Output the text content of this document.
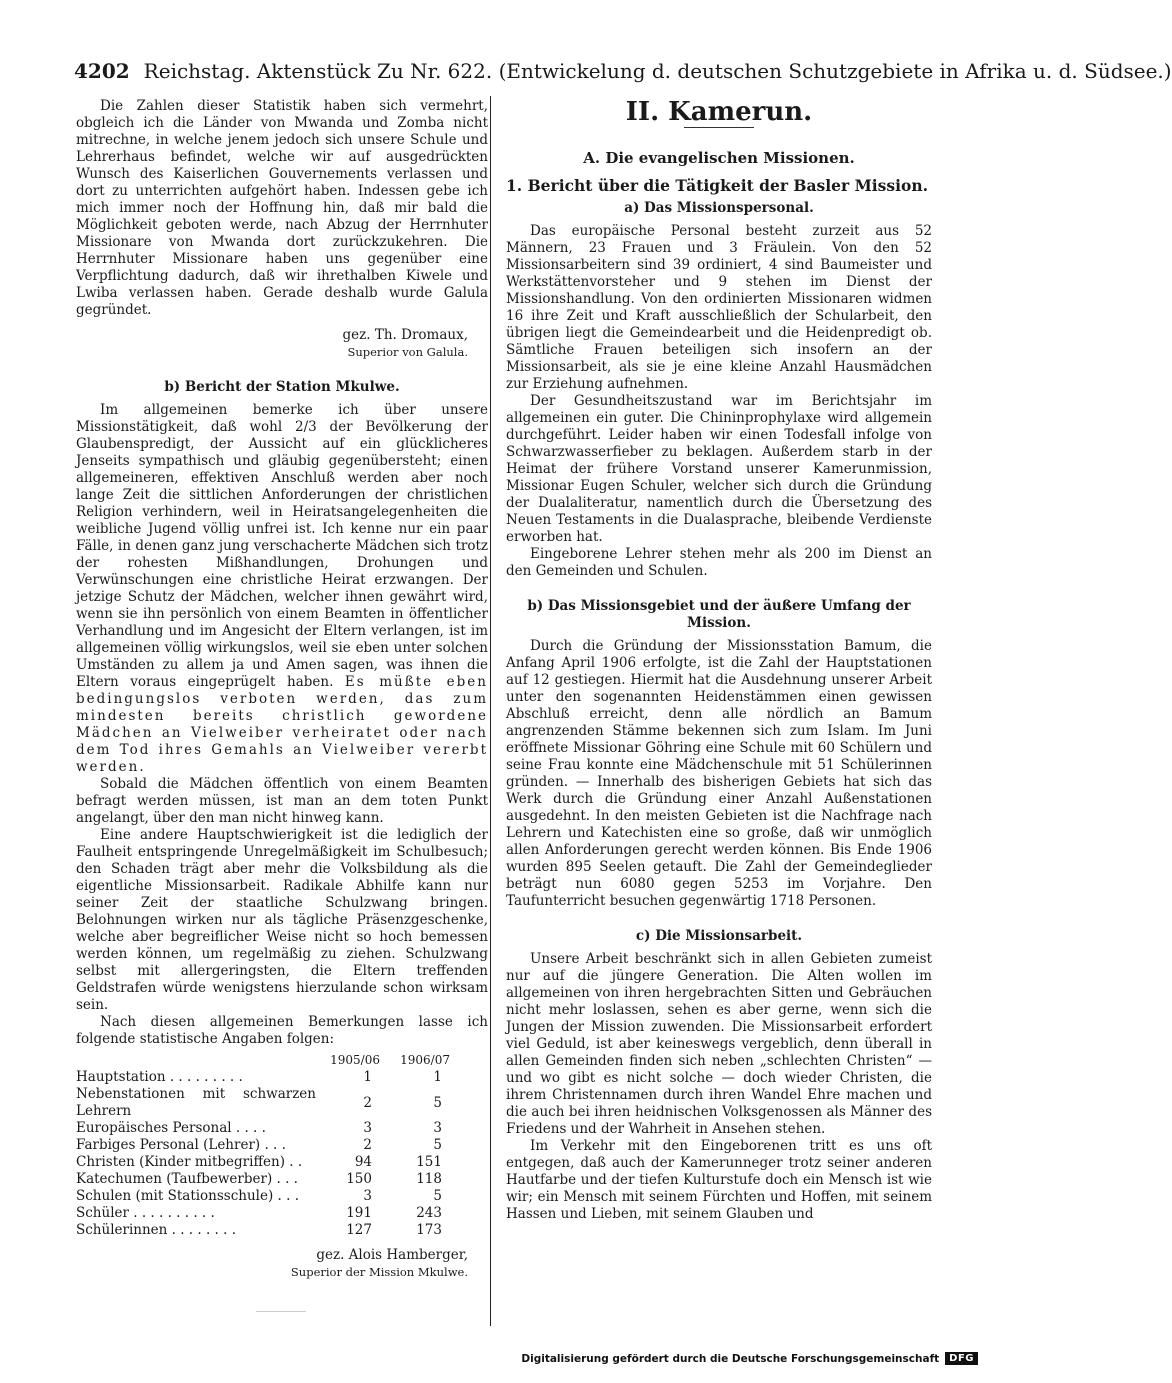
4202 Reichstag. Aktenstück Zu Nr. 622. (Entwickelung d. deutschen Schutzgebiete in Afrika u. d. Südsee.)

Die Zahlen dieser Statistik haben sich vermehrt, obgleich ich die Länder von Mwanda und Zomba nicht mitrechne, in welche jenem jedoch sich unsere Schule und Lehrerhaus befindet, welche wir auf ausgedrückten Wunsch des Kaiserlichen Gouvernements verlassen und dort zu unterrichten aufgehört haben. Indessen gebe ich mich immer noch der Hoffnung hin, daß mir bald die Möglichkeit geboten werde, nach Abzug der Herrnhuter Missionare von Mwanda dort zurückzukehren. Die Herrnhuter Missionare haben uns gegenüber eine Verpflichtung dadurch, daß wir ihrethalben Kiwele und Lwiba verlassen haben. Gerade deshalb wurde Galula gegründet.

gez. Th. Dromaux,

Superior von Galula.

b) Bericht der Station Mkulwe.

Im allgemeinen bemerke ich über unsere Missionstätigkeit, daß wohl 2/3 der Bevölkerung der Glaubenspredigt, der Aussicht auf ein glücklicheres Jenseits sympathisch und gläubig gegenübersteht; einen allgemeineren, effektiven Anschluß werden aber noch lange Zeit die sittlichen Anforderungen der christlichen Religion verhindern, weil in Heiratsangelegenheiten die weibliche Jugend völlig unfrei ist. Ich kenne nur ein paar Fälle, in denen ganz jung verschacherte Mädchen sich trotz der rohesten Mißhandlungen, Drohungen und Verwünschungen eine christliche Heirat erzwangen. Der jetzige Schutz der Mädchen, welcher ihnen gewährt wird, wenn sie ihn persönlich von einem Beamten in öffentlicher Verhandlung und im Angesicht der Eltern verlangen, ist im allgemeinen völlig wirkungslos, weil sie eben unter solchen Umständen zu allem ja und Amen sagen, was ihnen die Eltern voraus eingeprügelt haben. Es müßte eben bedingungslos verboten werden, das zum mindesten bereits christlich gewordene Mädchen an Vielweiber verheiratet oder nach dem Tod ihres Gemahls an Vielweiber vererbt werden.

Sobald die Mädchen öffentlich von einem Beamten befragt werden müssen, ist man an dem toten Punkt angelangt, über den man nicht hinweg kann.

Eine andere Hauptschwierigkeit ist die lediglich der Faulheit entspringende Unregelmäßigkeit im Schulbesuch; den Schaden trägt aber mehr die Volksbildung als die eigentliche Missionsarbeit. Radikale Abhilfe kann nur seiner Zeit der staatliche Schulzwang bringen. Belohnungen wirken nur als tägliche Präsenzgeschenke, welche aber begreiflicher Weise nicht so hoch bemessen werden können, um regelmäßig zu ziehen. Schulzwang selbst mit allergeringsten, die Eltern treffenden Geldstrafen würde wenigstens hierzulande schon wirksam sein.

Nach diesen allgemeinen Bemerkungen lasse ich folgende statistische Angaben folgen:

	1905/06	1906/07
Hauptstation . . . . . . . . .	1	1
Nebenstationen mit schwarzen Lehrern	2	5
Europäisches Personal . . . .	3	3
Farbiges Personal (Lehrer) . . .	2	5
Christen (Kinder mitbegriffen) . .	94	151
Katechumen (Taufbewerber) . . .	150	118
Schulen (mit Stationsschule) . . .	3	5
Schüler . . . . . . . . . .	191	243
Schülerinnen . . . . . . . .	127	173

gez. Alois Hamberger,

Superior der Mission Mkulwe.

II. Kamerun.
A. Die evangelischen Missionen.
1. Bericht über die Tätigkeit der Basler Mission.

a) Das Missionspersonal.

Das europäische Personal besteht zurzeit aus 52 Männern, 23 Frauen und 3 Fräulein. Von den 52 Missionsarbeitern sind 39 ordiniert, 4 sind Baumeister und Werkstättenvorsteher und 9 stehen im Dienst der Missionshandlung. Von den ordinierten Missionaren widmen 16 ihre Zeit und Kraft ausschließlich der Schularbeit, den übrigen liegt die Gemeindearbeit und die Heidenpredigt ob. Sämtliche Frauen beteiligen sich insofern an der Missionsarbeit, als sie je eine kleine Anzahl Hausmädchen zur Erziehung aufnehmen.

Der Gesundheitszustand war im Berichtsjahr im allgemeinen ein guter. Die Chininprophylaxe wird allgemein durchgeführt. Leider haben wir einen Todesfall infolge von Schwarzwasserfieber zu beklagen. Außerdem starb in der Heimat der frühere Vorstand unserer Kamerunmission, Missionar Eugen Schuler, welcher sich durch die Gründung der Dualaliteratur, namentlich durch die Übersetzung des Neuen Testaments in die Dualasprache, bleibende Verdienste erworben hat.

Eingeborene Lehrer stehen mehr als 200 im Dienst an den Gemeinden und Schulen.

b) Das Missionsgebiet und der äußere Umfang der Mission.

Durch die Gründung der Missionsstation Bamum, die Anfang April 1906 erfolgte, ist die Zahl der Hauptstationen auf 12 gestiegen. Hiermit hat die Ausdehnung unserer Arbeit unter den sogenannten Heidenstämmen einen gewissen Abschluß erreicht, denn alle nördlich an Bamum angrenzenden Stämme bekennen sich zum Islam. Im Juni eröffnete Missionar Göhring eine Schule mit 60 Schülern und seine Frau konnte eine Mädchenschule mit 51 Schülerinnen gründen. — Innerhalb des bisherigen Gebiets hat sich das Werk durch die Gründung einer Anzahl Außenstationen ausgedehnt. In den meisten Gebieten ist die Nachfrage nach Lehrern und Katechisten eine so große, daß wir unmöglich allen Anforderungen gerecht werden können. Bis Ende 1906 wurden 895 Seelen getauft. Die Zahl der Gemeindeglieder beträgt nun 6080 gegen 5253 im Vorjahre. Den Taufunterricht besuchen gegenwärtig 1718 Personen.

c) Die Missionsarbeit.

Unsere Arbeit beschränkt sich in allen Gebieten zumeist nur auf die jüngere Generation. Die Alten wollen im allgemeinen von ihren hergebrachten Sitten und Gebräuchen nicht mehr loslassen, sehen es aber gerne, wenn sich die Jungen der Mission zuwenden. Die Missionsarbeit erfordert viel Geduld, ist aber keineswegs vergeblich, denn überall in allen Gemeinden finden sich neben „schlechten Christen“ — und wo gibt es nicht solche — doch wieder Christen, die ihrem Christennamen durch ihren Wandel Ehre machen und die auch bei ihren heidnischen Volksgenossen als Männer des Friedens und der Wahrheit in Ansehen stehen.

Im Verkehr mit den Eingeborenen tritt es uns oft entgegen, daß auch der Kamerunneger trotz seiner anderen Hautfarbe und der tiefen Kulturstufe doch ein Mensch ist wie wir; ein Mensch mit seinem Fürchten und Hoffen, mit seinem Hassen und Lieben, mit seinem Glauben und

Digitalisierung gefördert durch die Deutsche Forschungsgemeinschaft	DFG
